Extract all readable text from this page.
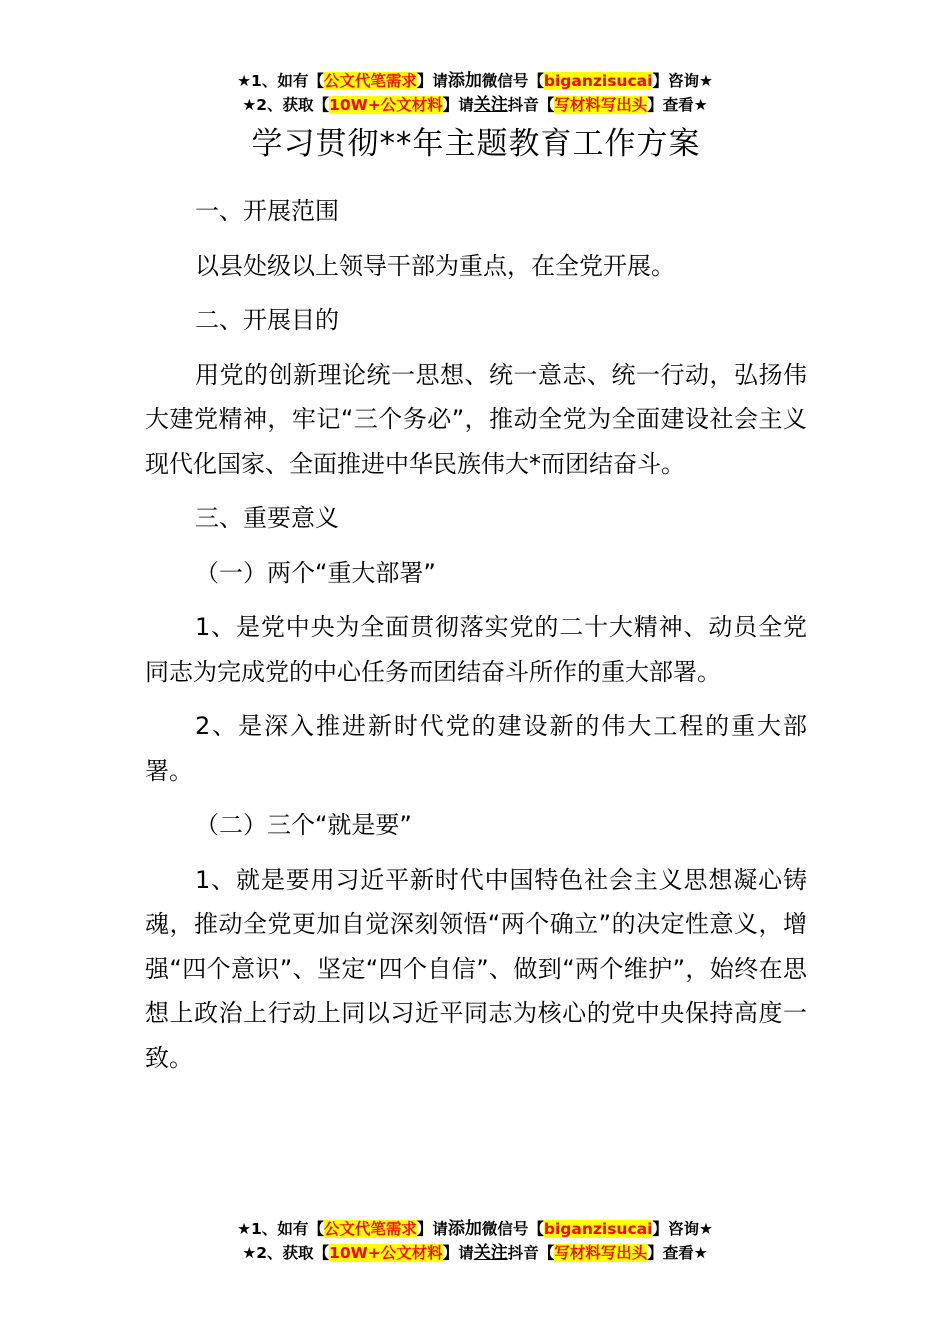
★1、如有【公文代笔需求】请添加微信号【biganzisucai】咨询★
★2、获取【10W+公文材料】请关注抖音【写材料写出头】查看★
学习贯彻**年主题教育工作方案

一、开展范围

以县处级以上领导干部为重点，在全党开展。

二、开展目的

用党的创新理论统一思想、统一意志、统一行动，弘扬伟大建党精神，牢记“三个务必”，推动全党为全面建设社会主义现代化国家、全面推进中华民族伟大*而团结奋斗。

三、重要意义

（一）两个“重大部署”

1、是党中央为全面贯彻落实党的二十大精神、动员全党同志为完成党的中心任务而团结奋斗所作的重大部署。

2、是深入推进新时代党的建设新的伟大工程的重大部署。

（二）三个“就是要”

1、就是要用习近平新时代中国特色社会主义思想凝心铸魂，推动全党更加自觉深刻领悟“两个确立”的决定性意义，增强“四个意识”、坚定“四个自信”、做到“两个维护”，始终在思想上政治上行动上同以习近平同志为核心的党中央保持高度一致。

★1、如有【公文代笔需求】请添加微信号【biganzisucai】咨询★
★2、获取【10W+公文材料】请关注抖音【写材料写出头】查看★
